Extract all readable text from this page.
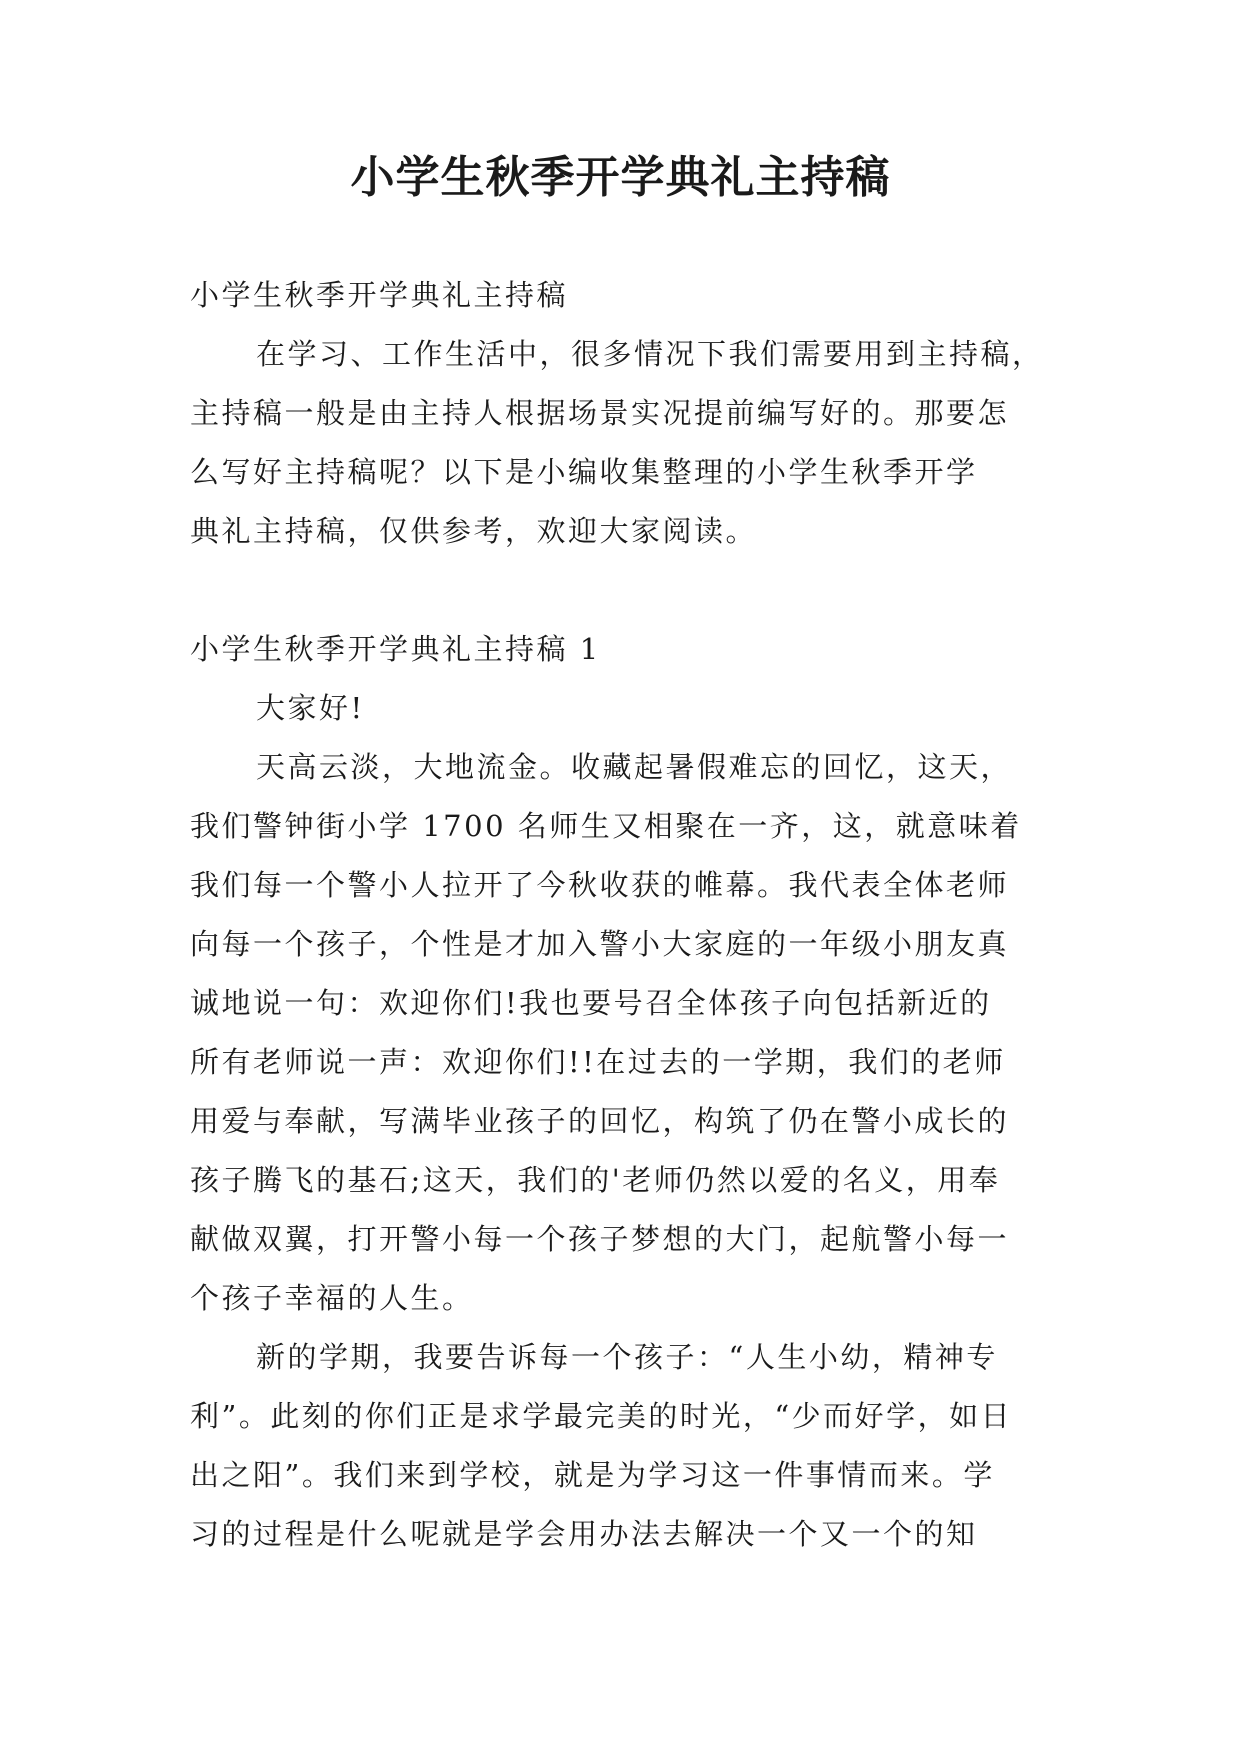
小学生秋季开学典礼主持稿
小学生秋季开学典礼主持稿
在学习、工作生活中，很多情况下我们需要用到主持稿，
主持稿一般是由主持人根据场景实况提前编写好的。那要怎
么写好主持稿呢？以下是小编收集整理的小学生秋季开学
典礼主持稿，仅供参考，欢迎大家阅读。
小学生秋季开学典礼主持稿 1
大家好!
天高云淡，大地流金。收藏起暑假难忘的回忆，这天，
我们警钟街小学 1700 名师生又相聚在一齐，这，就意味着
我们每一个警小人拉开了今秋收获的帷幕。我代表全体老师
向每一个孩子，个性是才加入警小大家庭的一年级小朋友真
诚地说一句：欢迎你们!我也要号召全体孩子向包括新近的
所有老师说一声：欢迎你们!!在过去的一学期，我们的老师
用爱与奉献，写满毕业孩子的回忆，构筑了仍在警小成长的
孩子腾飞的基石;这天，我们的'老师仍然以爱的名义，用奉
献做双翼，打开警小每一个孩子梦想的大门，起航警小每一
个孩子幸福的人生。
新的学期，我要告诉每一个孩子：“人生小幼，精神专
利”。此刻的你们正是求学最完美的时光，“少而好学，如日
出之阳”。我们来到学校，就是为学习这一件事情而来。学
习的过程是什么呢就是学会用办法去解决一个又一个的知
